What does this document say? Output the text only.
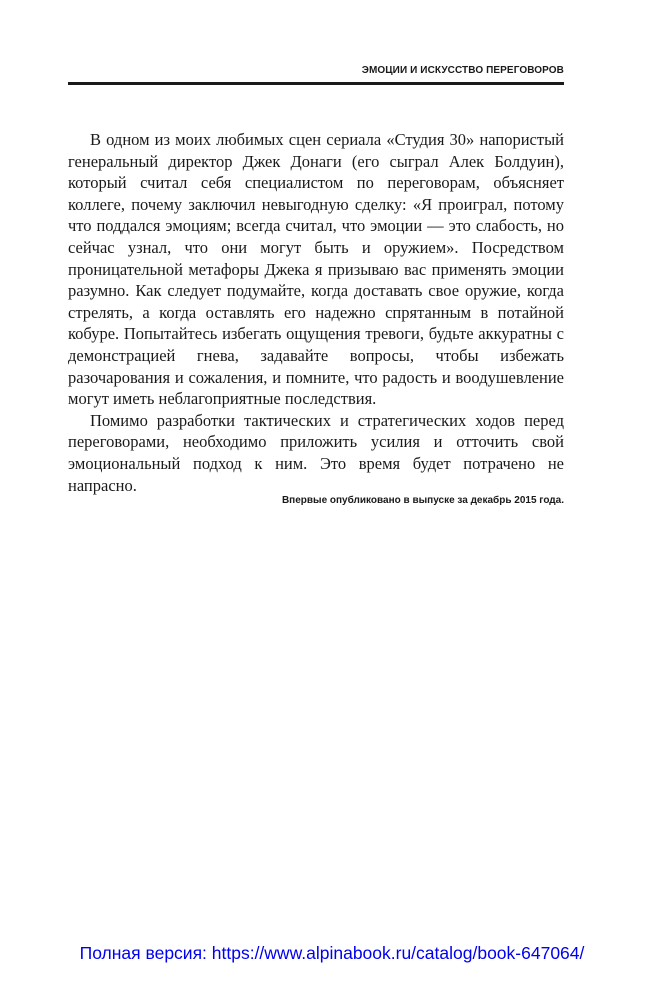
ЭМОЦИИ И ИСКУССТВО ПЕРЕГОВОРОВ

В одном из моих любимых сцен сериала «Студия 30» напористый генеральный директор Джек Донаги (его сыграл Алек Болдуин), который считал себя специалистом по переговорам, объясняет коллеге, почему заключил невыгодную сделку: «Я проиграл, потому что поддался эмоциям; всегда считал, что эмоции — это слабость, но сейчас узнал, что они могут быть и оружием». Посредством проницательной метафоры Джека я призываю вас применять эмоции разумно. Как следует подумайте, когда доставать свое оружие, когда стрелять, а когда оставлять его надежно спрятанным в потайной кобуре. Попытайтесь избегать ощущения тревоги, будьте аккуратны с демонстрацией гнева, задавайте вопросы, чтобы избежать разочарования и сожаления, и помните, что радость и воодушевление могут иметь неблагоприятные последствия.

Помимо разработки тактических и стратегических ходов перед переговорами, необходимо приложить усилия и отточить свой эмоциональный подход к ним. Это время будет потрачено не напрасно.

Впервые опубликовано в выпуске за декабрь 2015 года.
Полная версия: https://www.alpinabook.ru/catalog/book-647064/
